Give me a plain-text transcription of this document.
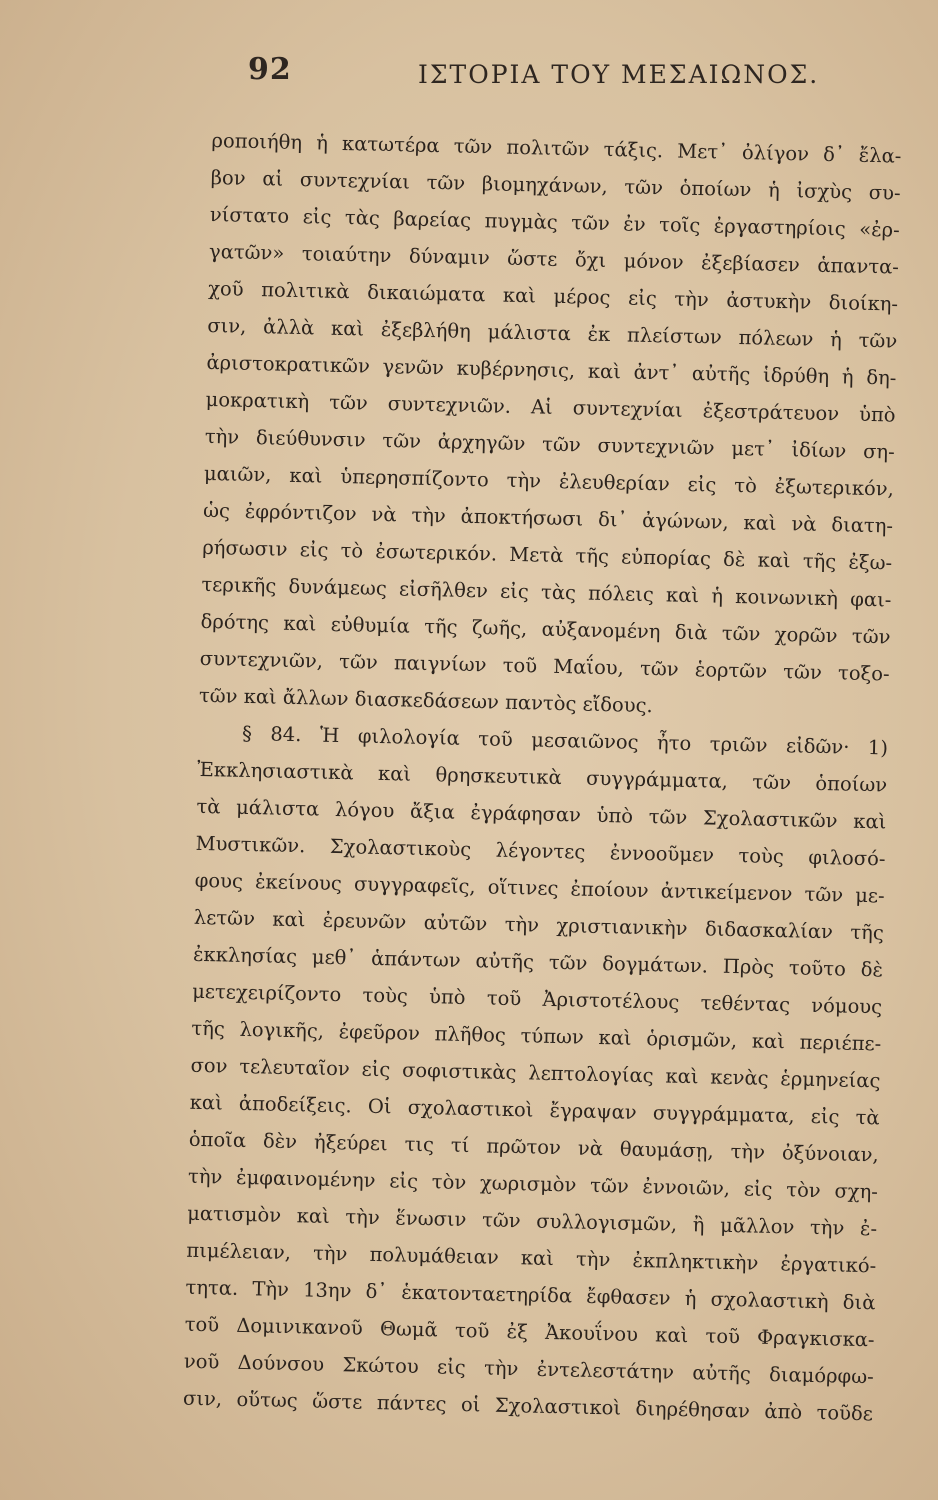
92	ΙΣΤΟΡΙΑ ΤΟΥ ΜΕΣΑΙΩΝΟΣ.
ροποιήθη ἡ κατωτέρα τῶν πολιτῶν τάξις. Μετ᾽ ὀλίγον δ᾽ ἔλα-
βον αἱ συντεχνίαι τῶν βιομηχάνων, τῶν ὁποίων ἡ ἰσχὺς συ-
νίστατο εἰς τὰς βαρείας πυγμὰς τῶν ἐν τοῖς ἐργαστηρίοις «ἐρ-
γατῶν» τοιαύτην δύναμιν ὥστε ὄχι μόνον ἐξεβίασεν ἁπαντα-
χοῦ πολιτικὰ δικαιώματα καὶ μέρος εἰς τὴν ἀστυκὴν διοίκη-
σιν, ἀλλὰ καὶ ἐξεβλήθη μάλιστα ἐκ πλείστων πόλεων ἡ τῶν
ἀριστοκρατικῶν γενῶν κυβέρνησις, καὶ ἀντ᾽ αὐτῆς ἱδρύθη ἡ δη-
μοκρατικὴ τῶν συντεχνιῶν. Αἱ συντεχνίαι ἐξεστράτευον ὑπὸ
τὴν διεύθυνσιν τῶν ἀρχηγῶν τῶν συντεχνιῶν μετ᾽ ἰδίων ση-
μαιῶν, καὶ ὑπερησπίζοντο τὴν ἐλευθερίαν εἰς τὸ ἐξωτερικόν,
ὡς ἐφρόντιζον νὰ τὴν ἀποκτήσωσι δι᾽ ἀγώνων, καὶ νὰ διατη-
ρήσωσιν εἰς τὸ ἐσωτερικόν. Μετὰ τῆς εὐπορίας δὲ καὶ τῆς ἐξω-
τερικῆς δυνάμεως εἰσῆλθεν εἰς τὰς πόλεις καὶ ἡ κοινωνικὴ φαι-
δρότης καὶ εὐθυμία τῆς ζωῆς, αὐξανομένη διὰ τῶν χορῶν τῶν
συντεχνιῶν, τῶν παιγνίων τοῦ Μαΐου, τῶν ἑορτῶν τῶν τοξο-
τῶν καὶ ἄλλων διασκεδάσεων παντὸς εἴδους.
§ 84. Ἡ φιλολογία τοῦ μεσαιῶνος ἦτο τριῶν εἰδῶν· 1)
Ἐκκλησιαστικὰ καὶ θρησκευτικὰ συγγράμματα, τῶν ὁποίων
τὰ μάλιστα λόγου ἄξια ἐγράφησαν ὑπὸ τῶν Σχολαστικῶν καὶ
Μυστικῶν. Σχολαστικοὺς λέγοντες ἐννοοῦμεν τοὺς φιλοσό-
φους ἐκείνους συγγραφεῖς, οἵτινες ἐποίουν ἀντικείμενον τῶν με-
λετῶν καὶ ἐρευνῶν αὐτῶν τὴν χριστιανικὴν διδασκαλίαν τῆς
ἐκκλησίας μεθ᾽ ἁπάντων αὐτῆς τῶν δογμάτων. Πρὸς τοῦτο δὲ
μετεχειρίζοντο τοὺς ὑπὸ τοῦ Ἀριστοτέλους τεθέντας νόμους
τῆς λογικῆς, ἐφεῦρον πλῆθος τύπων καὶ ὁρισμῶν, καὶ περιέπε-
σον τελευταῖον εἰς σοφιστικὰς λεπτολογίας καὶ κενὰς ἑρμηνείας
καὶ ἀποδείξεις. Οἱ σχολαστικοὶ ἔγραψαν συγγράμματα, εἰς τὰ
ὁποῖα δὲν ἠξεύρει τις τί πρῶτον νὰ θαυμάσῃ, τὴν ὀξύνοιαν,
τὴν ἐμφαινομένην εἰς τὸν χωρισμὸν τῶν ἐννοιῶν, εἰς τὸν σχη-
ματισμὸν καὶ τὴν ἕνωσιν τῶν συλλογισμῶν, ἢ μᾶλλον τὴν ἐ-
πιμέλειαν, τὴν πολυμάθειαν καὶ τὴν ἐκπληκτικὴν ἐργατικό-
τητα. Τὴν 13ην δ᾽ ἑκατονταετηρίδα ἔφθασεν ἡ σχολαστικὴ διὰ
τοῦ Δομινικανοῦ Θωμᾶ τοῦ ἐξ Ἀκουΐνου καὶ τοῦ Φραγκισκα-
νοῦ Δούνσου Σκώτου εἰς τὴν ἐντελεστάτην αὐτῆς διαμόρφω-
σιν, οὕτως ὥστε πάντες οἱ Σχολαστικοὶ διηρέθησαν ἀπὸ τοῦδε
